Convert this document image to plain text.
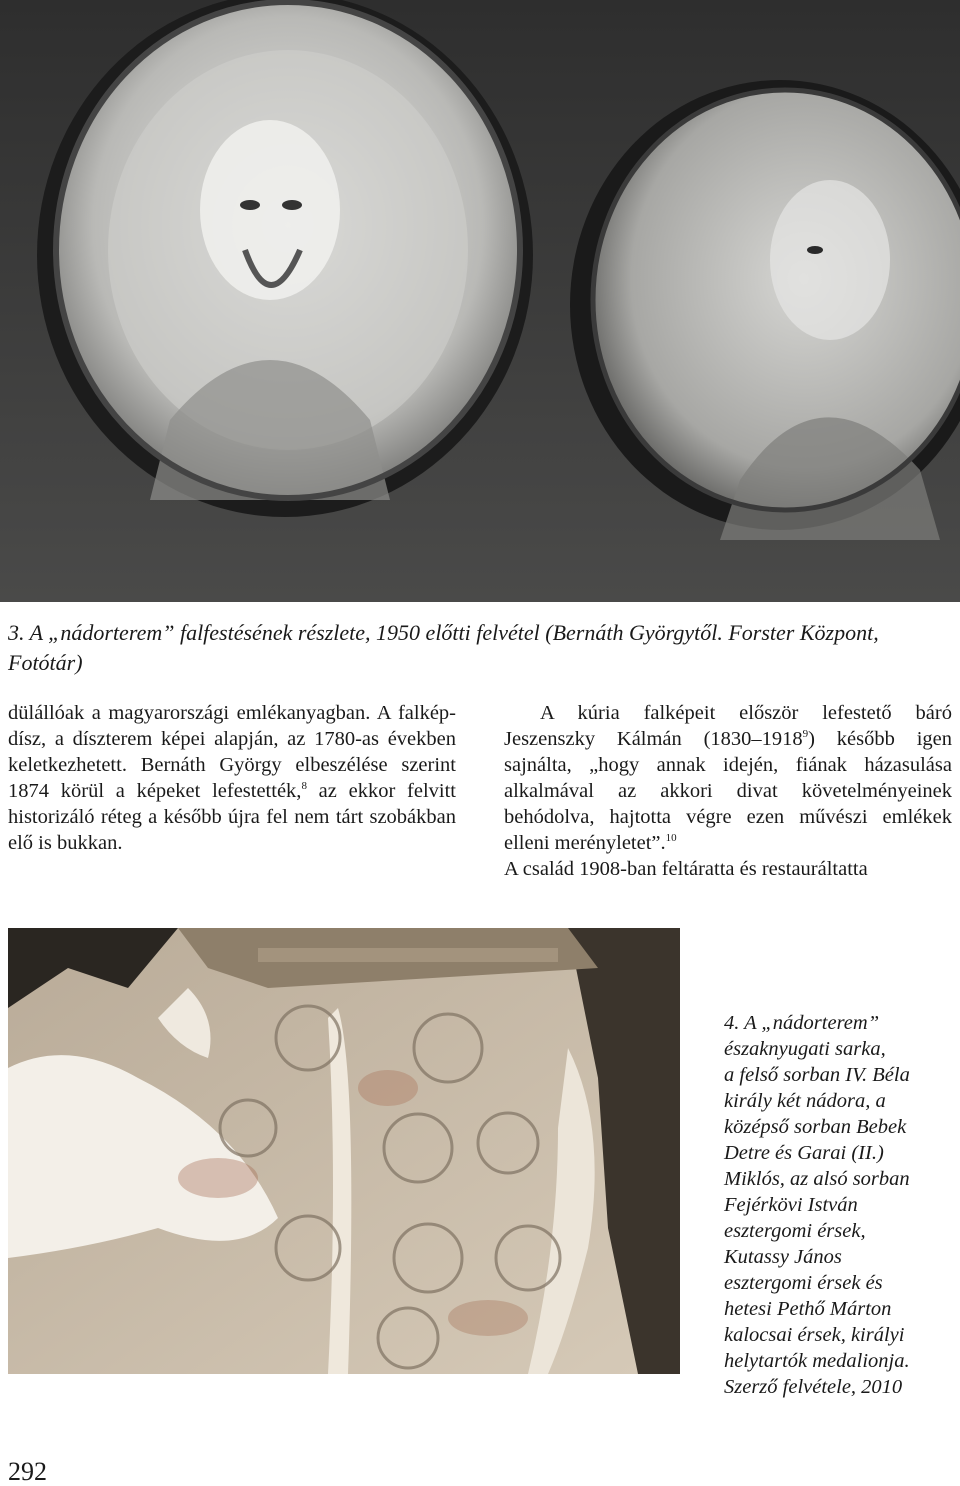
3. A „nádorterem” falfestésének részlete, 1950 előtti felvétel (Bernáth Györgytől. Forster Központ, Fotótár)
dülállóak a magyarországi emlékanyagban. A falkép-dísz, a díszterem képei alapján, az 1780-as években keletkezhetett. Bernáth György elbeszélése szerint 1874 körül a képeket lefestették,$^8$ az ekkor felvitt historizáló réteg a később újra fel nem tárt szobákban elő is bukkan.
A kúria falképeit először lefestető báró Jeszenszky Kálmán (1830–1918$^9$) később igen sajnálta, „hogy annak idején, fiának házasulása alkalmával az akkori divat követelményeinek behódolva, hajtotta végre ezen művészi emlékek elleni merényletet”.$^{10}$
A család 1908-ban feltáratta és restauráltatta
4. A „nádorterem”
északnyugati sarka,
a felső sorban IV. Béla
király két nádora, a
középső sorban Bebek
Detre és Garai (II.)
Miklós, az alsó sorban
Fejérkövi István
esztergomi érsek,
Kutassy János
esztergomi érsek és
hetesi Pethő Márton
kalocsai érsek, királyi
helytartók medalionja.
Szerző felvétele, 2010
292
